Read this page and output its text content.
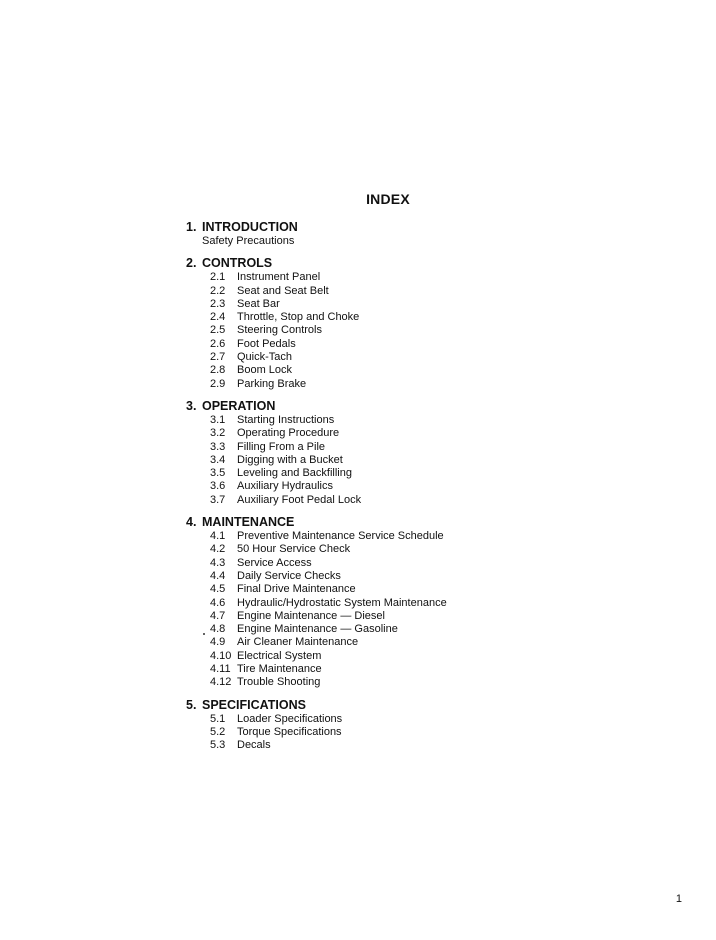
INDEX
1. INTRODUCTION
Safety Precautions
2. CONTROLS
2.1	Instrument Panel
2.2	Seat and Seat Belt
2.3	Seat Bar
2.4	Throttle, Stop and Choke
2.5	Steering Controls
2.6	Foot Pedals
2.7	Quick-Tach
2.8	Boom Lock
2.9	Parking Brake
3. OPERATION
3.1	Starting Instructions
3.2	Operating Procedure
3.3	Filling From a Pile
3.4	Digging with a Bucket
3.5	Leveling and Backfilling
3.6	Auxiliary Hydraulics
3.7	Auxiliary Foot Pedal Lock
4. MAINTENANCE
4.1	Preventive Maintenance Service Schedule
4.2	50 Hour Service Check
4.3	Service Access
4.4	Daily Service Checks
4.5	Final Drive Maintenance
4.6	Hydraulic/Hydrostatic System Maintenance
4.7	Engine Maintenance — Diesel
4.8	Engine Maintenance — Gasoline
4.9	Air Cleaner Maintenance
4.10 Electrical System
4.11 Tire Maintenance
4.12 Trouble Shooting
5. SPECIFICATIONS
5.1	Loader Specifications
5.2	Torque Specifications
5.3	Decals
1
